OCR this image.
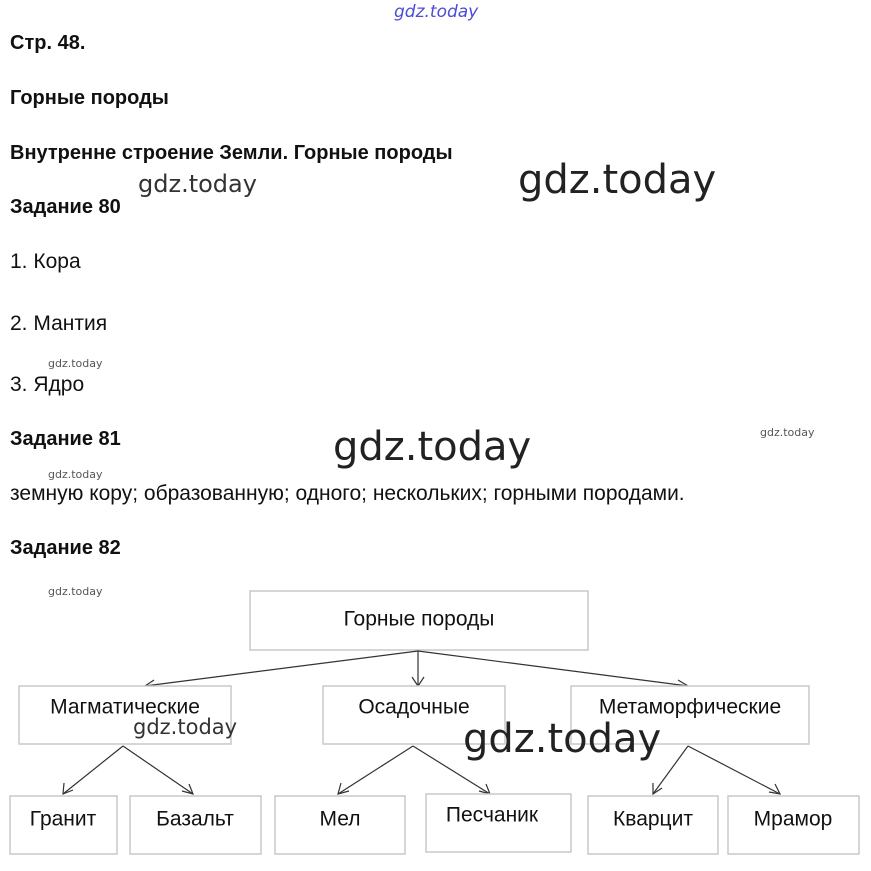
gdz.today
Стр. 48.
Горные породы
Внутренне строение Земли. Горные породы
Задание 80
1. Кора
2. Мантия
3. Ядро
Задание 81
земную кору; образованную; одного; нескольких; горными породами.
Задание 82
Горные породы
Магматические	Осадочные	Метаморфические
Гранит	Базальт	Мел	Песчаник	Кварцит	Мрамор
gdz.today	gdz.today
gdz.today
gdz.today	gdz.today
gdz.today
gdz.today
gdz.today	gdz.today
